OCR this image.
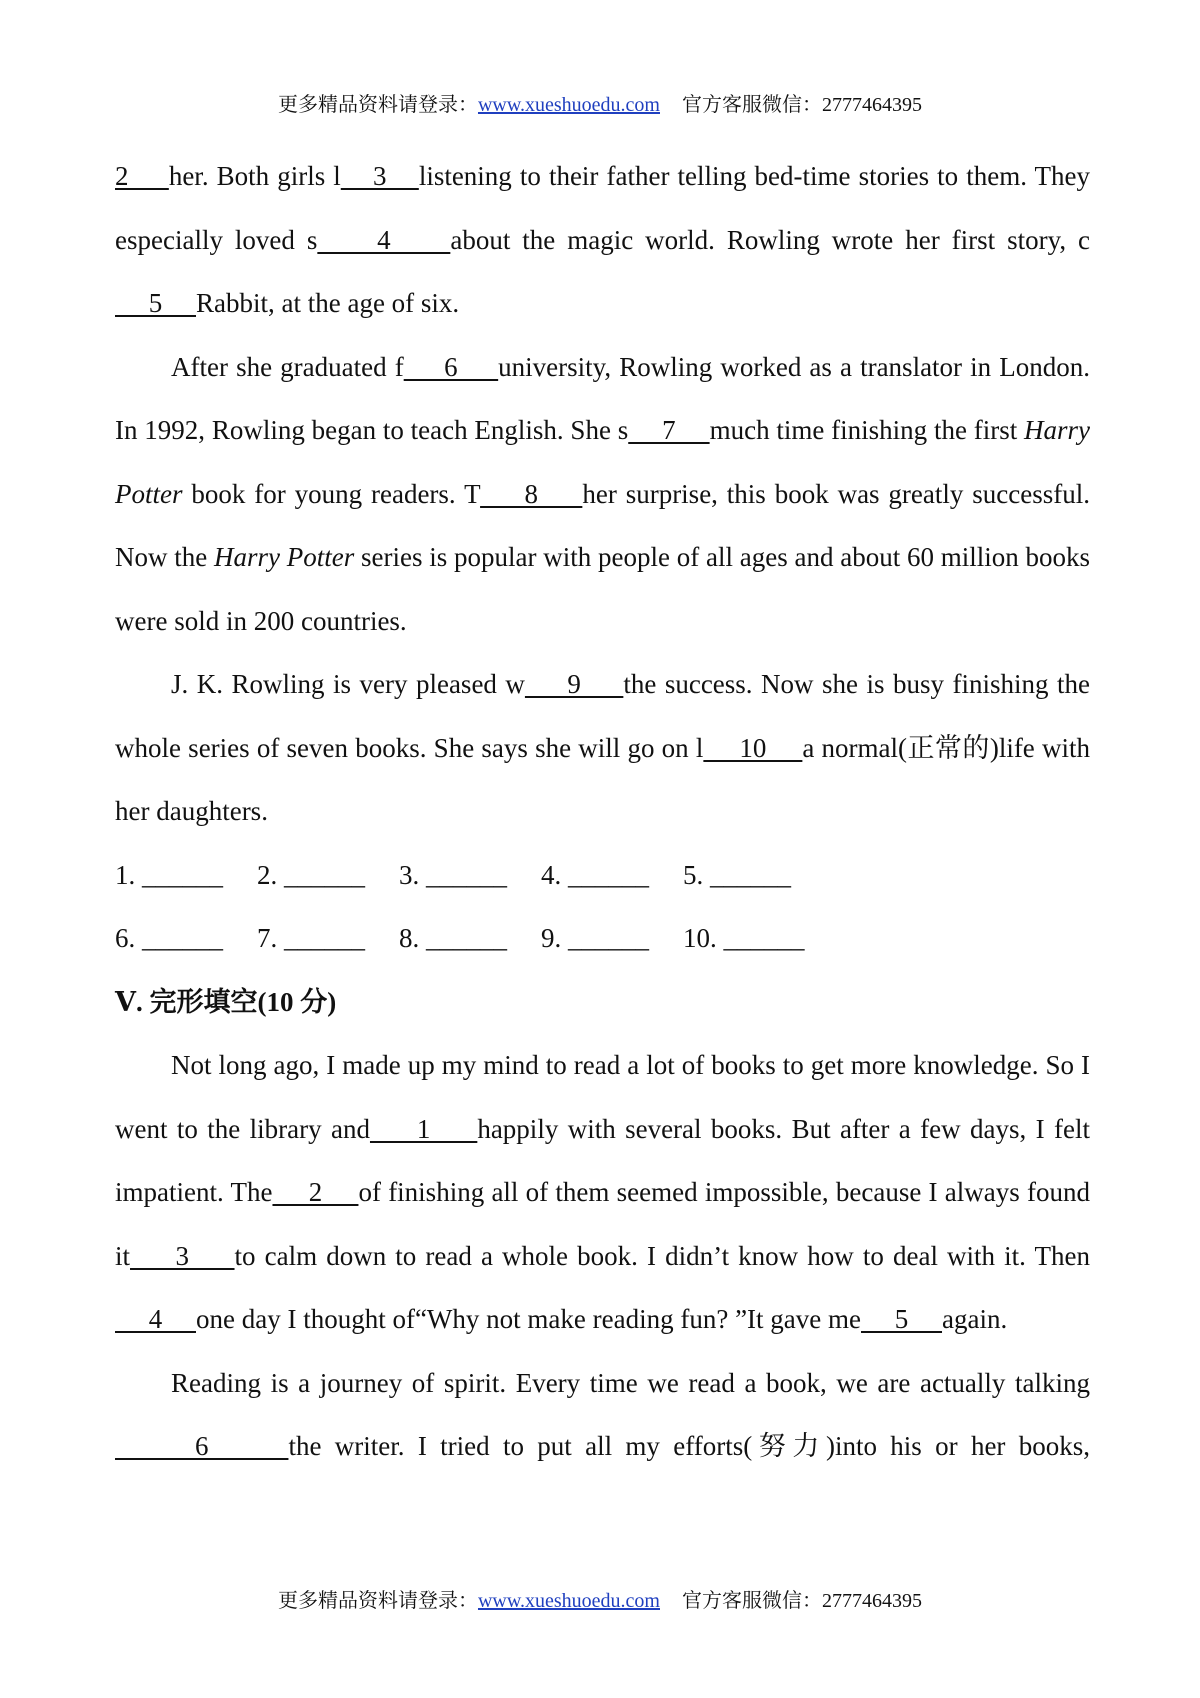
更多精品资料请登录：www.xueshuoedu.com 官方客服微信：2777464395

2     her. Both girls l    3    listening to their father telling bed-time stories to them. They especially loved s     4     about the magic world. Rowling wrote her first story, c     5     Rabbit, at the age of six.

After she graduated f     6     university, Rowling worked as a translator in London. In 1992, Rowling began to teach English. She s     7     much time finishing the first Harry Potter book for young readers. T     8     her surprise, this book was greatly successful. Now the Harry Potter series is popular with people of all ages and about 60 million books were sold in 200 countries.

J. K. Rowling is very pleased w     9     the success. Now she is busy finishing the whole series of seven books. She says she will go on l     10     a normal(正常的)life with her daughters.

1. ______	2. ______	3. ______	4. ______	5. ______
6. ______	7. ______	8. ______	9. ______	10. ______
Ⅴ. 完形填空(10 分)

Not long ago, I made up my mind to read a lot of books to get more knowledge. So I went to the library and     1     happily with several books. But after a few days, I felt impatient. The     2     of finishing all of them seemed impossible, because I always found it     3     to calm down to read a whole book. I didn’t know how to deal with it. Then     4     one day I thought of“Why not make reading fun? ”It gave me     5     again.

Reading is a journey of spirit. Every time we read a book, we are actually talking      6      the writer. I tried to put all my efforts(努力)into his or her books,

更多精品资料请登录：www.xueshuoedu.com 官方客服微信：2777464395
